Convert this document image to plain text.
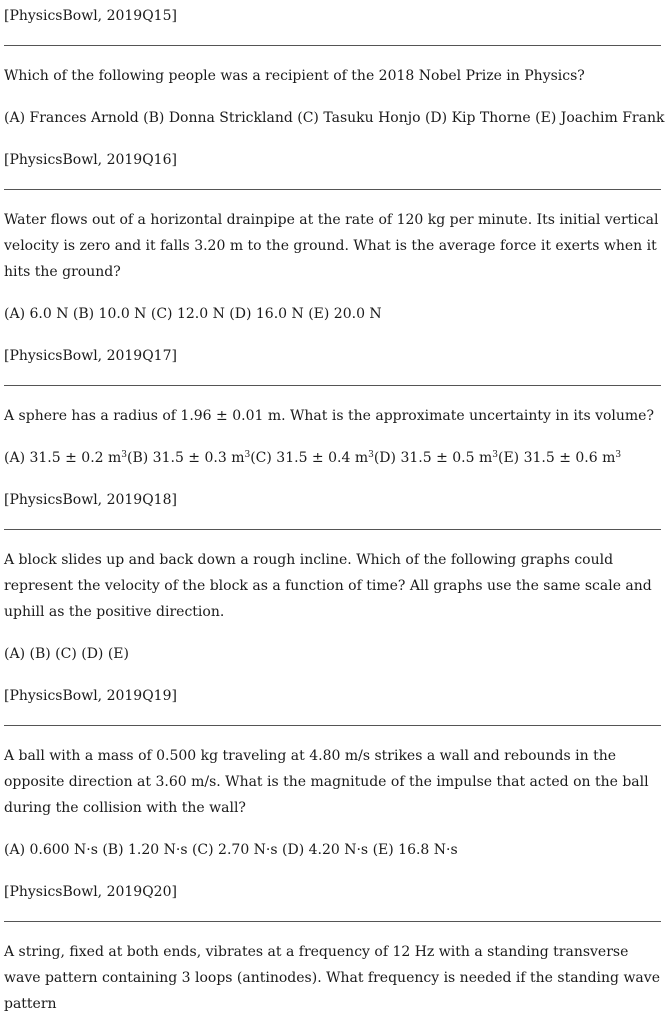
[PhysicsBowl, 2019Q15]

Which of the following people was a recipient of the 2018 Nobel Prize in Physics?

(A) Frances Arnold (B) Donna Strickland (C) Tasuku Honjo (D) Kip Thorne (E) Joachim Frank

[PhysicsBowl, 2019Q16]

Water flows out of a horizontal drainpipe at the rate of 120 kg per minute. Its initial vertical velocity is zero and it falls 3.20 m to the ground. What is the average force it exerts when it hits the ground?

(A) 6.0 N (B) 10.0 N (C) 12.0 N (D) 16.0 N (E) 20.0 N

[PhysicsBowl, 2019Q17]

A sphere has a radius of 1.96 ± 0.01 m. What is the approximate uncertainty in its volume?

(A) 31.5 ± 0.2 $m^3(B) 31.5 \pm 0.3$ $m^3(C) 31.5 \pm 0.4$ $m^3(D) 31.5 \pm 0.5$ $m^3(E) 31.5 \pm 0.6$ $m^3$

[PhysicsBowl, 2019Q18]

A block slides up and back down a rough incline. Which of the following graphs could represent the velocity of the block as a function of time? All graphs use the same scale and uphill as the positive direction.

(A) (B) (C) (D) (E)

[PhysicsBowl, 2019Q19]

A ball with a mass of 0.500 kg traveling at 4.80 m/s strikes a wall and rebounds in the opposite direction at 3.60 m/s. What is the magnitude of the impulse that acted on the ball during the collision with the wall?

(A) 0.600 N·s (B) 1.20 N·s (C) 2.70 N·s (D) 4.20 N·s (E) 16.8 N·s

[PhysicsBowl, 2019Q20]

A string, fixed at both ends, vibrates at a frequency of 12 Hz with a standing transverse wave pattern containing 3 loops (antinodes). What frequency is needed if the standing wave pattern
